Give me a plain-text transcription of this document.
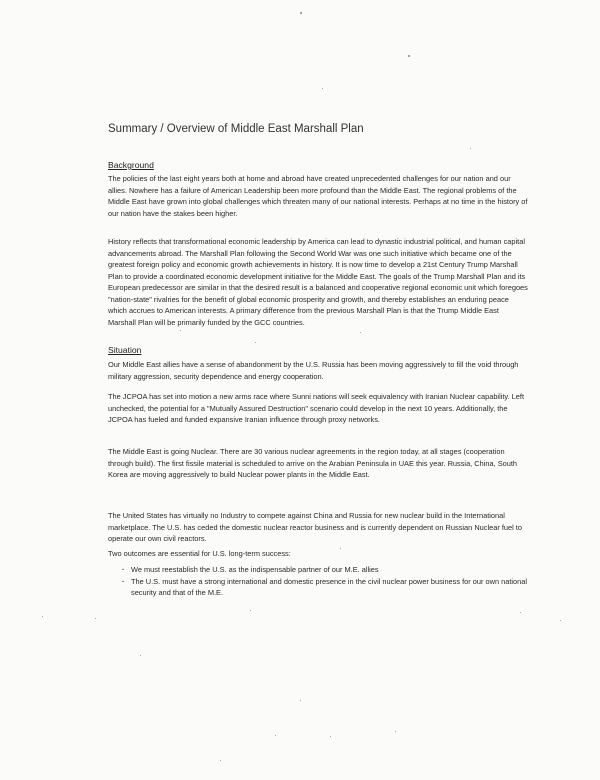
Summary / Overview of Middle East Marshall Plan
Background

The policies of the last eight years both at home and abroad have created unprecedented challenges for our nation and our allies. Nowhere has a failure of American Leadership been more profound than the Middle East. The regional problems of the Middle East have grown into global challenges which threaten many of our national interests. Perhaps at no time in the history of our nation have the stakes been higher.

History reflects that transformational economic leadership by America can lead to dynastic industrial political, and human capital advancements abroad. The Marshall Plan following the Second World War was one such initiative which became one of the greatest foreign policy and economic growth achievements in history. It is now time to develop a 21st Century Trump Marshall Plan to provide a coordinated economic development initiative for the Middle East. The goals of the Trump Marshall Plan and its European predecessor are similar in that the desired result is a balanced and cooperative regional economic unit which foregoes "nation-state" rivalries for the benefit of global economic prosperity and growth, and thereby establishes an enduring peace which accrues to American interests. A primary difference from the previous Marshall Plan is that the Trump Middle East Marshall Plan will be primarily funded by the GCC countries.

Situation

Our Middle East allies have a sense of abandonment by the U.S. Russia has been moving aggressively to fill the void through military aggression, security dependence and energy cooperation.

The JCPOA has set into motion a new arms race where Sunni nations will seek equivalency with Iranian Nuclear capability. Left unchecked, the potential for a "Mutually Assured Destruction" scenario could develop in the next 10 years. Additionally, the JCPOA has fueled and funded expansive Iranian influence through proxy networks.

The Middle East is going Nuclear. There are 30 various nuclear agreements in the region today, at all stages (cooperation through build). The first fissile material is scheduled to arrive on the Arabian Peninsula in UAE this year. Russia, China, South Korea are moving aggressively to build Nuclear power plants in the Middle East.

The United States has virtually no Industry to compete against China and Russia for new nuclear build in the International marketplace. The U.S. has ceded the domestic nuclear reactor business and is currently dependent on Russian Nuclear fuel to operate our own civil reactors.

Two outcomes are essential for U.S. long-term success:

· We must reestablish the U.S. as the indispensable partner of our M.E. allies
· The U.S. must have a strong international and domestic presence in the civil nuclear power business for our own national security and that of the M.E.
